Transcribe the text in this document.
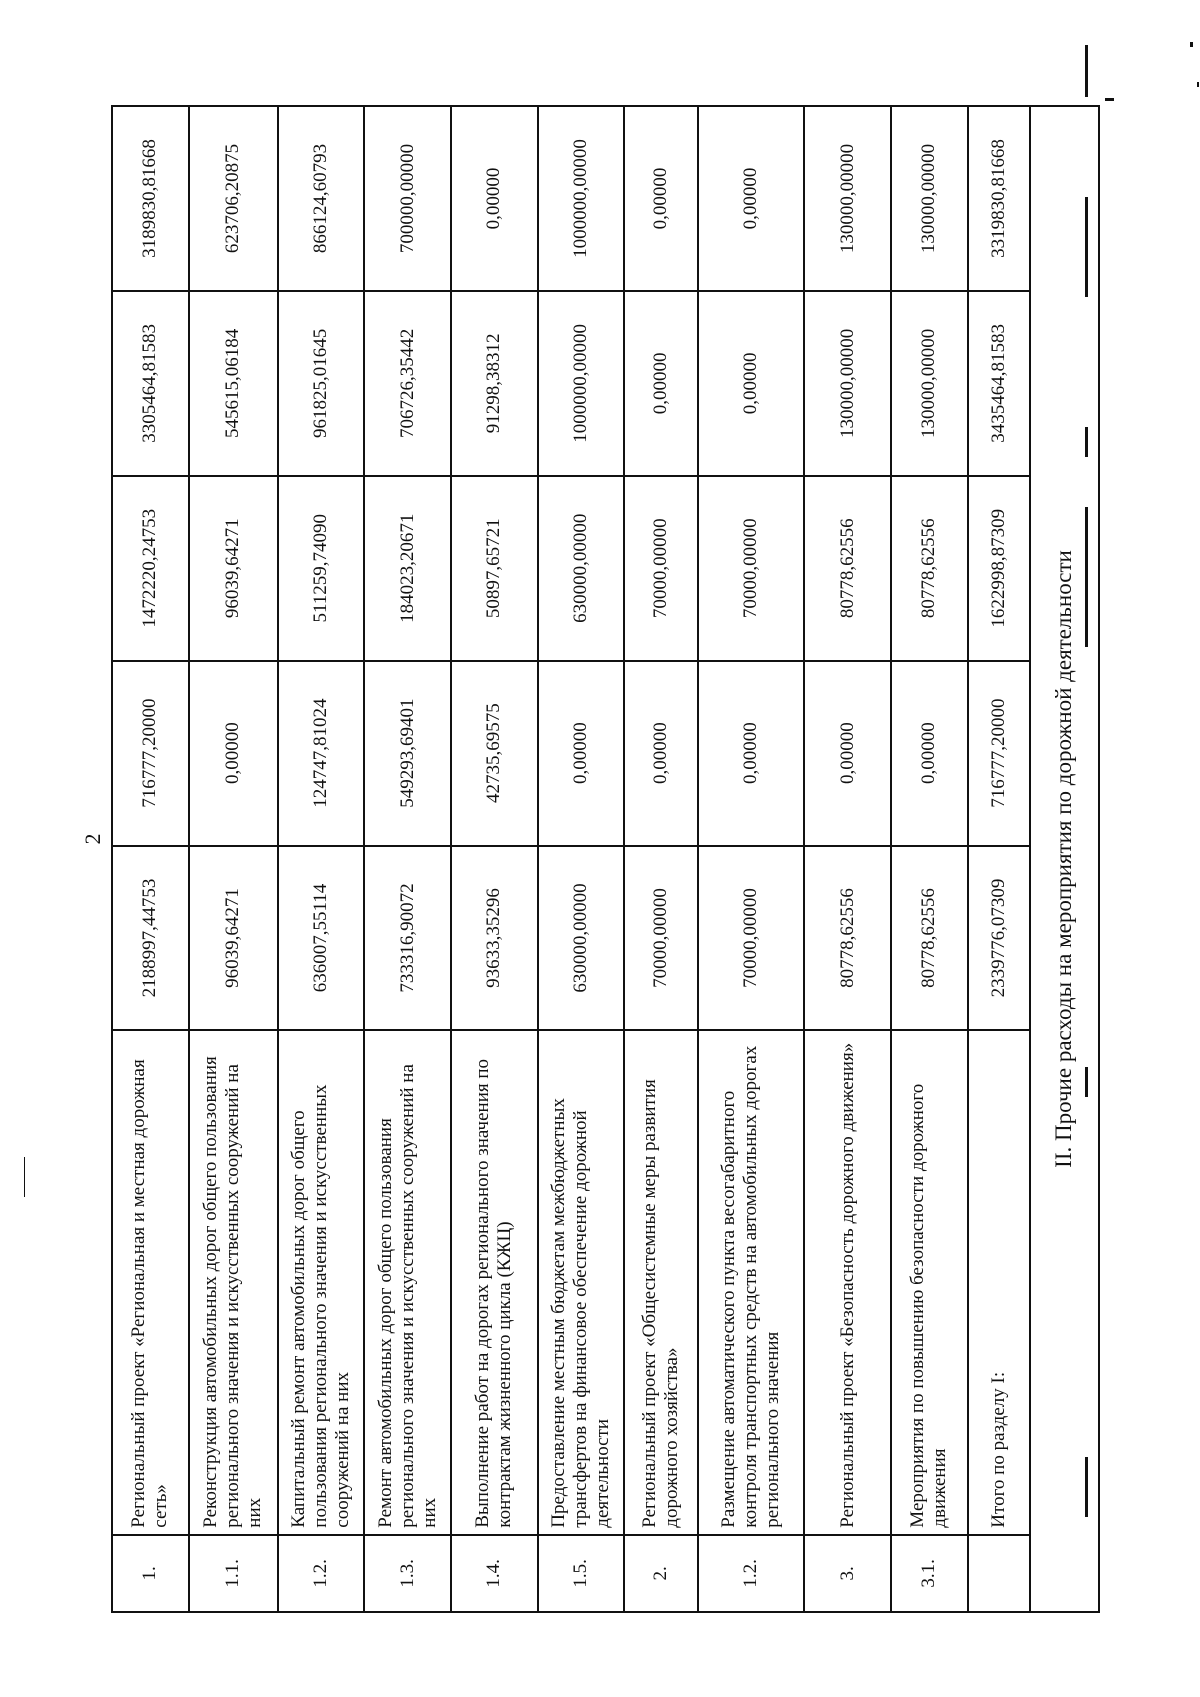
2
1.	Региональный проект «Региональная и местная дорожная сеть»	2188997,44753	716777,20000	1472220,24753	3305464,81583	3189830,81668
1.1.	Реконструкция автомобильных дорог общего пользования регионального значения и искусственных сооружений на них	96039,64271	0,00000	96039,64271	545615,06184	623706,20875
1.2.	Капитальный ремонт автомобильных дорог общего пользования регионального значения и искусственных сооружений на них	636007,55114	124747,81024	511259,74090	961825,01645	866124,60793
1.3.	Ремонт автомобильных дорог общего пользования регионального значения и искусственных сооружений на них	733316,90072	549293,69401	184023,20671	706726,35442	700000,00000
1.4.	Выполнение работ на дорогах регионального значения по контрактам жизненного цикла (КЖЦ)	93633,35296	42735,69575	50897,65721	91298,38312	0,00000
1.5.	Предоставление местным бюджетам межбюджетных трансфертов на финансовое обеспечение дорожной деятельности	630000,00000	0,00000	630000,00000	1000000,00000	1000000,00000
2.	Региональный проект «Общесистемные меры развития дорожного хозяйства»	70000,00000	0,00000	70000,00000	0,00000	0,00000
1.2.	Размещение автоматического пункта весогабаритного контроля транспортных средств на автомобильных дорогах регионального значения	70000,00000	0,00000	70000,00000	0,00000	0,00000
3.	Региональный проект «Безопасность дорожного движения»	80778,62556	0,00000	80778,62556	130000,00000	130000,00000
3.1.	Мероприятия по повышению безопасности дорожного движения	80778,62556	0,00000	80778,62556	130000,00000	130000,00000
	Итого по разделу I:	2339776,07309	716777,20000	1622998,87309	3435464,81583	3319830,81668
II. Прочие расходы на мероприятия по дорожной деятельности						
